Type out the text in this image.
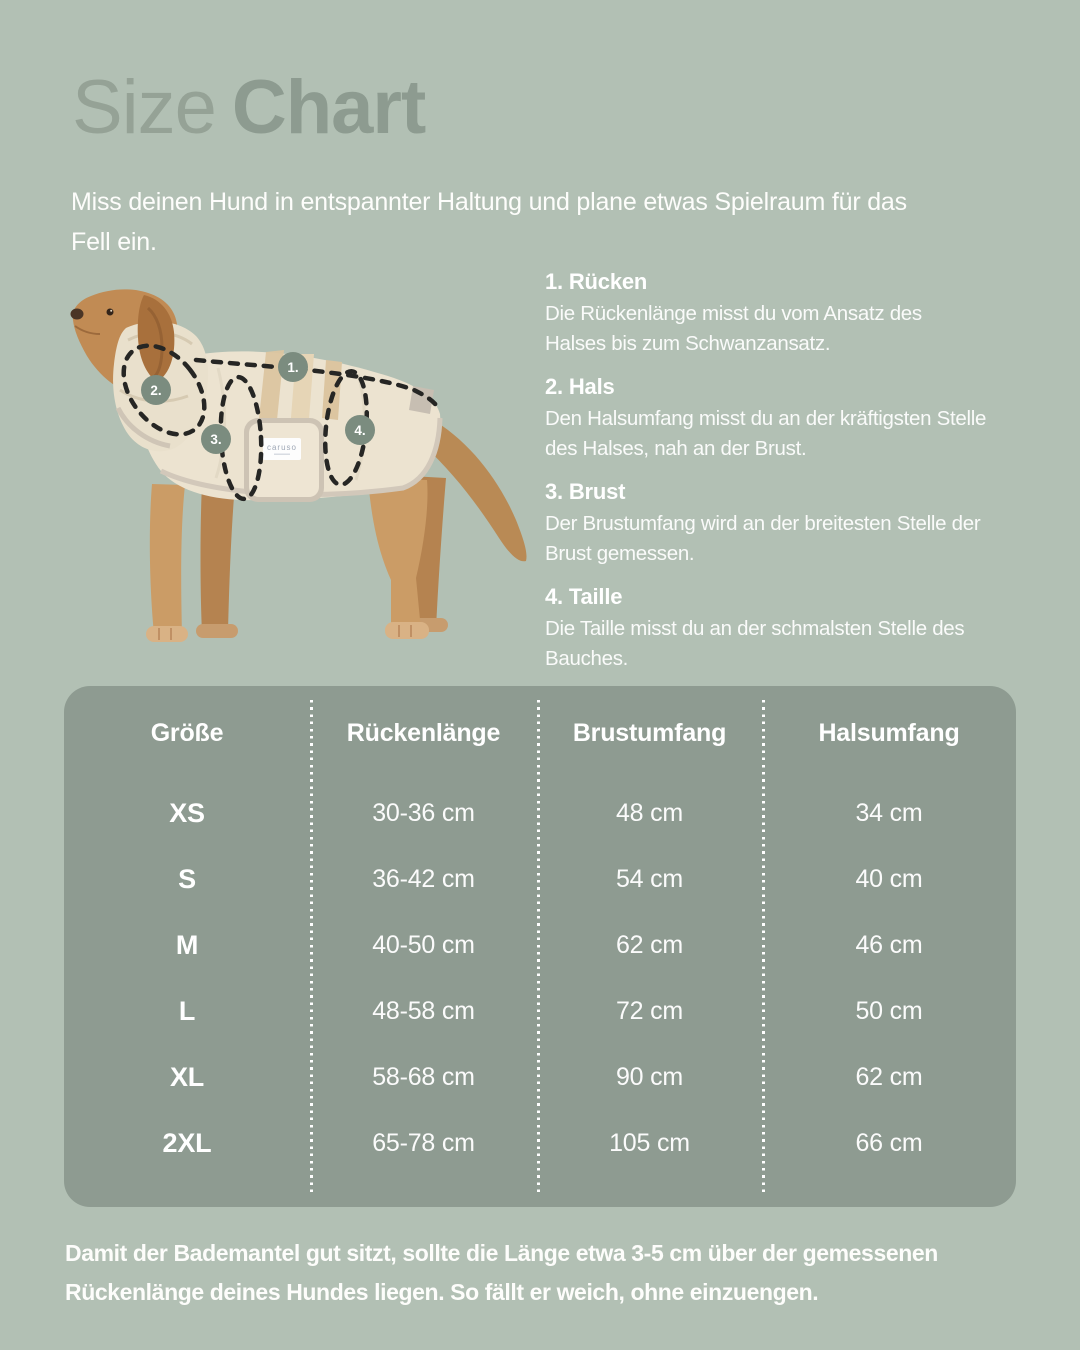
Size Chart
Miss deinen Hund in entspannter Haltung und plane etwas Spielraum für das
Fell ein.
caruso
1.
2.
3.
4.

1. Rücken

Die Rückenlänge misst du vom Ansatz des
Halses bis zum Schwanzansatz.

2. Hals

Den Halsumfang misst du an der kräftigsten Stelle
des Halses, nah an der Brust.

3. Brust

Der Brustumfang wird an der breitesten Stelle der
Brust gemessen.

4. Taille

Die Taille misst du an der schmalsten Stelle des
Bauches.
Größe	Rückenlänge	Brustumfang	Halsumfang
XS	30-36 cm	48 cm	34 cm
S	36-42 cm	54 cm	40 cm
M	40-50 cm	62 cm	46 cm
L	48-58 cm	72 cm	50 cm
XL	58-68 cm	90 cm	62 cm
2XL	65-78 cm	105 cm	66 cm
Damit der Bademantel gut sitzt, sollte die Länge etwa 3-5 cm über der gemessenen
Rückenlänge deines Hundes liegen. So fällt er weich, ohne einzuengen.
